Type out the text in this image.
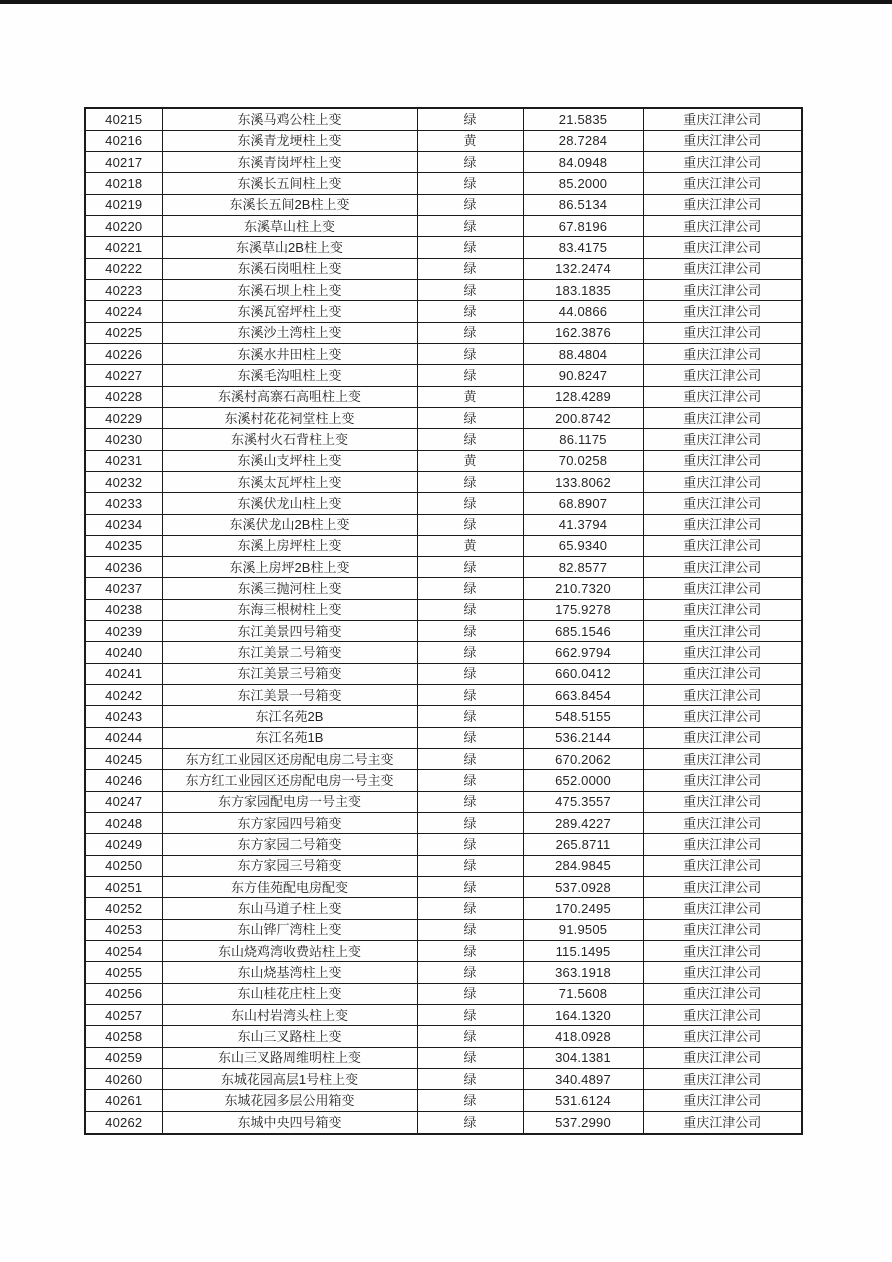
40215	东溪马鸡公柱上变	绿	21.5835	重庆江津公司
40216	东溪青龙埂柱上变	黄	28.7284	重庆江津公司
40217	东溪青岗坪柱上变	绿	84.0948	重庆江津公司
40218	东溪长五间柱上变	绿	85.2000	重庆江津公司
40219	东溪长五间2B柱上变	绿	86.5134	重庆江津公司
40220	东溪草山柱上变	绿	67.8196	重庆江津公司
40221	东溪草山2B柱上变	绿	83.4175	重庆江津公司
40222	东溪石岗咀柱上变	绿	132.2474	重庆江津公司
40223	东溪石坝上柱上变	绿	183.1835	重庆江津公司
40224	东溪瓦窑坪柱上变	绿	44.0866	重庆江津公司
40225	东溪沙土湾柱上变	绿	162.3876	重庆江津公司
40226	东溪水井田柱上变	绿	88.4804	重庆江津公司
40227	东溪毛沟咀柱上变	绿	90.8247	重庆江津公司
40228	东溪村高寨石高咀柱上变	黄	128.4289	重庆江津公司
40229	东溪村花花祠堂柱上变	绿	200.8742	重庆江津公司
40230	东溪村火石背柱上变	绿	86.1175	重庆江津公司
40231	东溪山支坪柱上变	黄	70.0258	重庆江津公司
40232	东溪太瓦坪柱上变	绿	133.8062	重庆江津公司
40233	东溪伏龙山柱上变	绿	68.8907	重庆江津公司
40234	东溪伏龙山2B柱上变	绿	41.3794	重庆江津公司
40235	东溪上房坪柱上变	黄	65.9340	重庆江津公司
40236	东溪上房坪2B柱上变	绿	82.8577	重庆江津公司
40237	东溪三抛河柱上变	绿	210.7320	重庆江津公司
40238	东海三根树柱上变	绿	175.9278	重庆江津公司
40239	东江美景四号箱变	绿	685.1546	重庆江津公司
40240	东江美景二号箱变	绿	662.9794	重庆江津公司
40241	东江美景三号箱变	绿	660.0412	重庆江津公司
40242	东江美景一号箱变	绿	663.8454	重庆江津公司
40243	东江名苑2B	绿	548.5155	重庆江津公司
40244	东江名苑1B	绿	536.2144	重庆江津公司
40245	东方红工业园区还房配电房二号主变	绿	670.2062	重庆江津公司
40246	东方红工业园区还房配电房一号主变	绿	652.0000	重庆江津公司
40247	东方家园配电房一号主变	绿	475.3557	重庆江津公司
40248	东方家园四号箱变	绿	289.4227	重庆江津公司
40249	东方家园二号箱变	绿	265.8711	重庆江津公司
40250	东方家园三号箱变	绿	284.9845	重庆江津公司
40251	东方佳苑配电房配变	绿	537.0928	重庆江津公司
40252	东山马道子柱上变	绿	170.2495	重庆江津公司
40253	东山铧厂湾柱上变	绿	91.9505	重庆江津公司
40254	东山烧鸡湾收费站柱上变	绿	115.1495	重庆江津公司
40255	东山烧基湾柱上变	绿	363.1918	重庆江津公司
40256	东山桂花庄柱上变	绿	71.5608	重庆江津公司
40257	东山村岩湾头柱上变	绿	164.1320	重庆江津公司
40258	东山三叉路柱上变	绿	418.0928	重庆江津公司
40259	东山三叉路周维明柱上变	绿	304.1381	重庆江津公司
40260	东城花园高层1号柱上变	绿	340.4897	重庆江津公司
40261	东城花园多层公用箱变	绿	531.6124	重庆江津公司
40262	东城中央四号箱变	绿	537.2990	重庆江津公司
